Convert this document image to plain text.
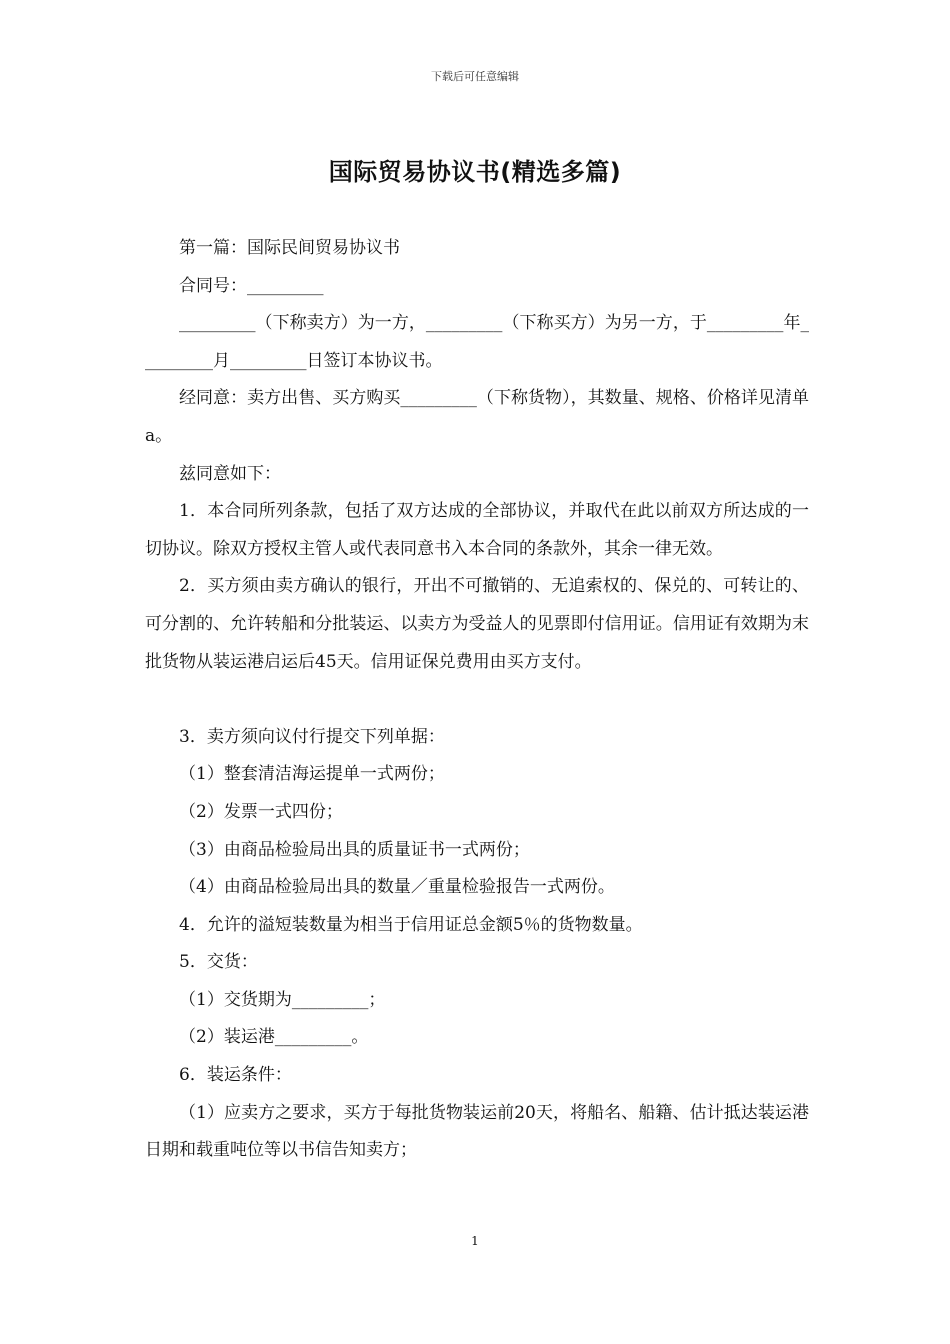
下载后可任意编辑
国际贸易协议书(精选多篇)

第一篇：国际民间贸易协议书

合同号：_________

_________（下称卖方）为一方，_________（下称买方）为另一方，于_________年_________月_________日签订本协议书。

经同意：卖方出售、买方购买_________（下称货物），其数量、规格、价格详见清单a。

兹同意如下：

1．本合同所列条款，包括了双方达成的全部协议，并取代在此以前双方所达成的一切协议。除双方授权主管人或代表同意书入本合同的条款外，其余一律无效。

2．买方须由卖方确认的银行，开出不可撤销的、无追索权的、保兑的、可转让的、可分割的、允许转船和分批装运、以卖方为受益人的见票即付信用证。信用证有效期为末批货物从装运港启运后45天。信用证保兑费用由买方支付。

3．卖方须向议付行提交下列单据：

（1）整套清洁海运提单一式两份；

（2）发票一式四份；

（3）由商品检验局出具的质量证书一式两份；

（4）由商品检验局出具的数量／重量检验报告一式两份。

4．允许的溢短装数量为相当于信用证总金额5％的货物数量。

5．交货：

（1）交货期为_________；

（2）装运港_________。

6．装运条件：

（1）应卖方之要求，买方于每批货物装运前20天，将船名、船籍、估计抵达装运港日期和载重吨位等以书信告知卖方；

1
